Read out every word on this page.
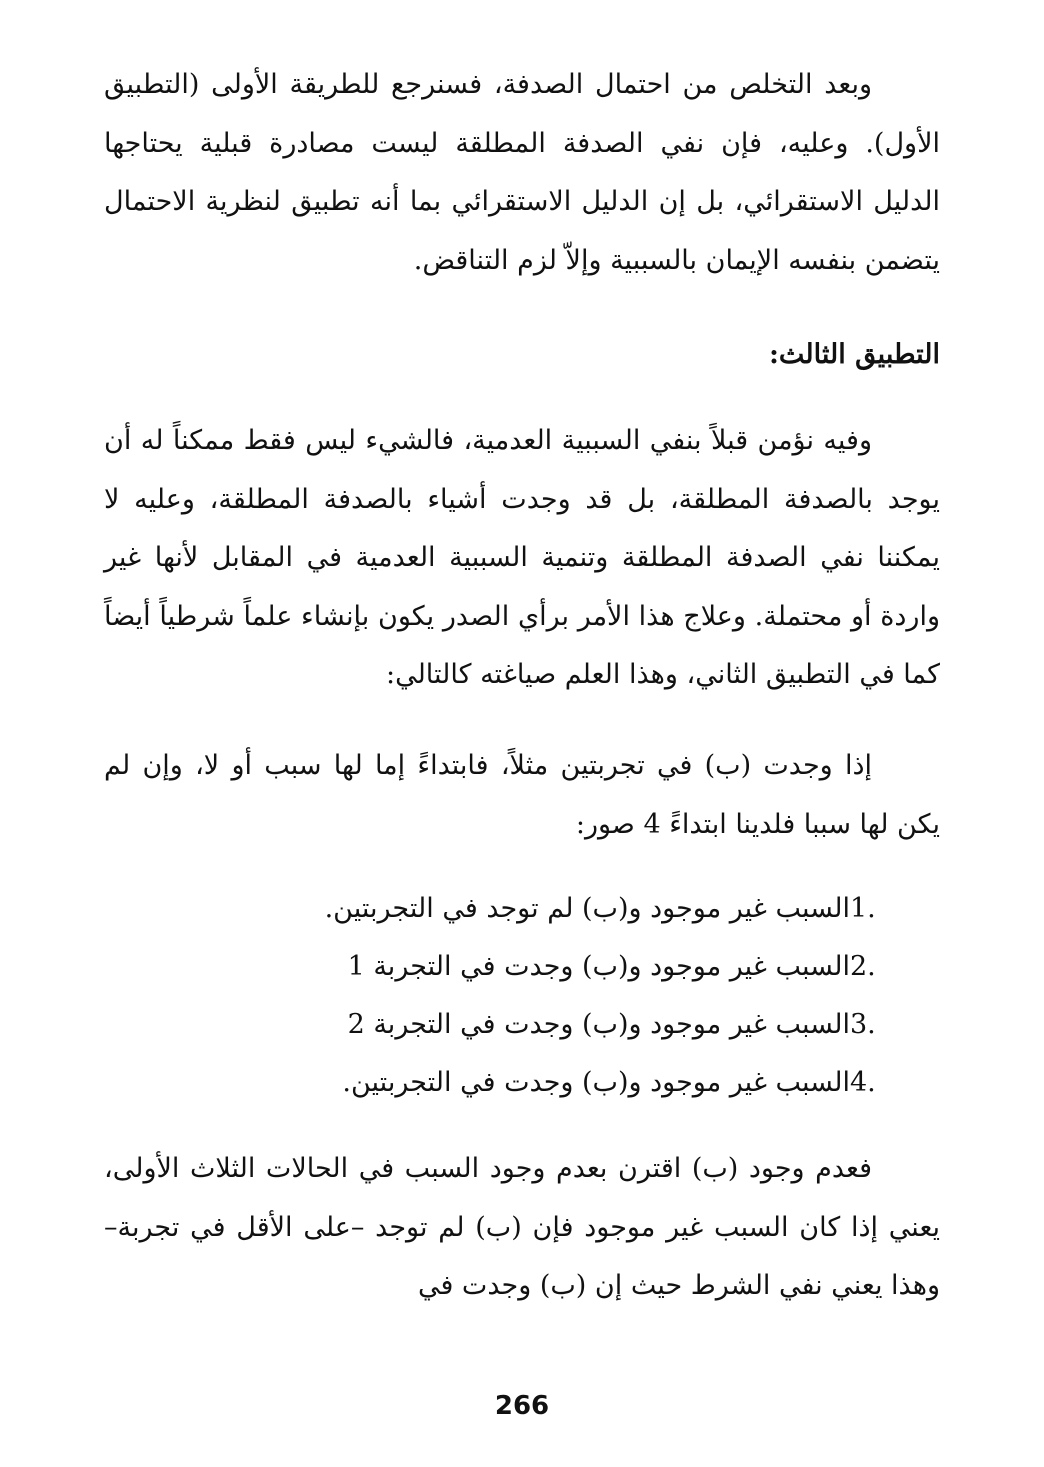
وبعد التخلص من احتمال الصدفة، فسنرجع للطريقة الأولى (التطبيق الأول). وعليه، فإن نفي الصدفة المطلقة ليست مصادرة قبلية يحتاجها الدليل الاستقرائي، بل إن الدليل الاستقرائي بما أنه تطبيق لنظرية الاحتمال يتضمن بنفسه الإيمان بالسببية وإلاّ لزم التناقض.

التطبيق الثالث:

وفيه نؤمن قبلاً بنفي السببية العدمية، فالشيء ليس فقط ممكناً له أن يوجد بالصدفة المطلقة، بل قد وجدت أشياء بالصدفة المطلقة، وعليه لا يمكننا نفي الصدفة المطلقة وتنمية السببية العدمية في المقابل لأنها غير واردة أو محتملة. وعلاج هذا الأمر برأي الصدر يكون بإنشاء علماً شرطياً أيضاً كما في التطبيق الثاني، وهذا العلم صياغته كالتالي:

إذا وجدت (ب) في تجربتين مثلاً، فابتداءً إما لها سبب أو لا، وإن لم يكن لها سببا فلدينا ابتداءً 4 صور:

1.
السبب غير موجود و(ب) لم توجد في التجربتين.
2.
السبب غير موجود و(ب) وجدت في التجربة 1
3.
السبب غير موجود و(ب) وجدت في التجربة 2
4.
السبب غير موجود و(ب) وجدت في التجربتين.

فعدم وجود (ب) اقترن بعدم وجود السبب في الحالات الثلاث الأولى، يعني إذا كان السبب غير موجود فإن (ب) لم توجد –على الأقل في تجربة– وهذا يعني نفي الشرط حيث إن (ب) وجدت في

266
